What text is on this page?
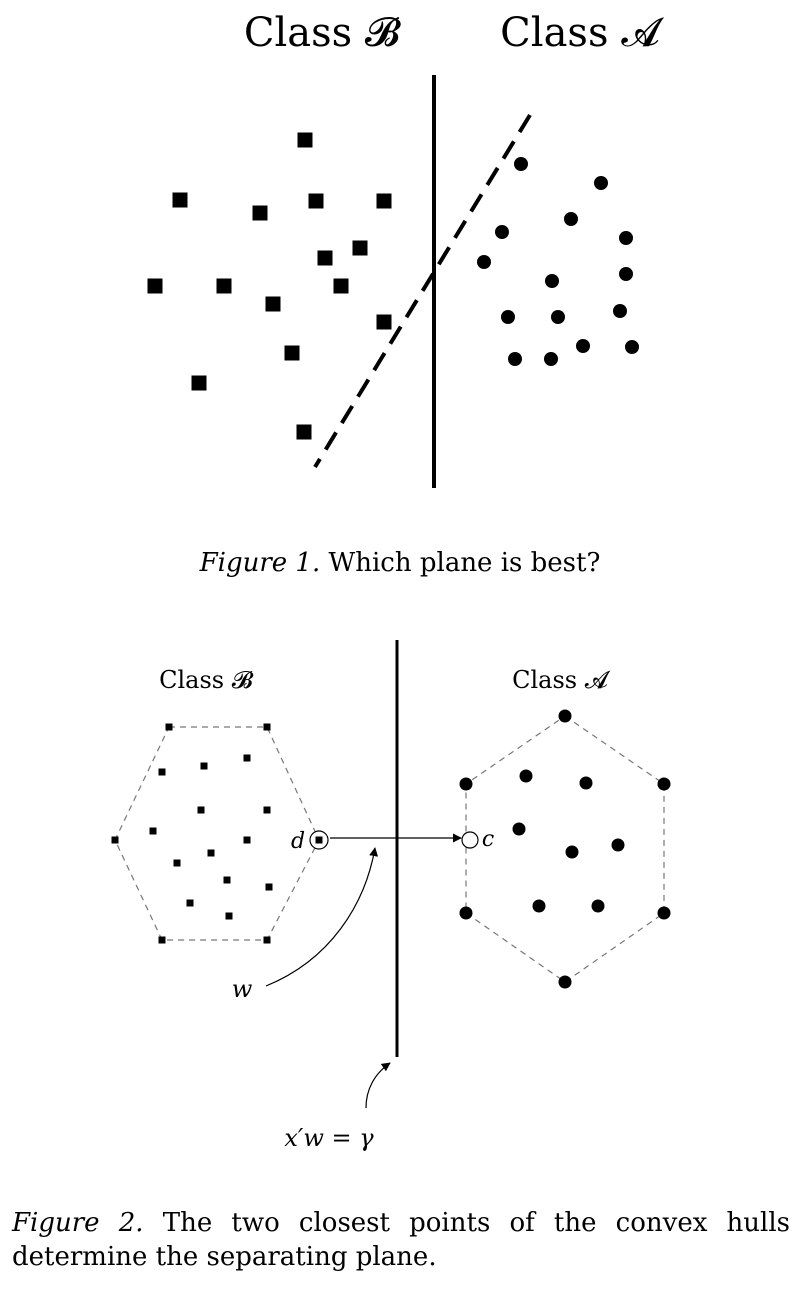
Class 𝓑	Class 𝓐
Class 𝓑	Class 𝓐
d	c
w
x′w = γ
Figure 1. Which plane is best?
Figure 2. The two closest points of the convex hulls determine the separating plane.
